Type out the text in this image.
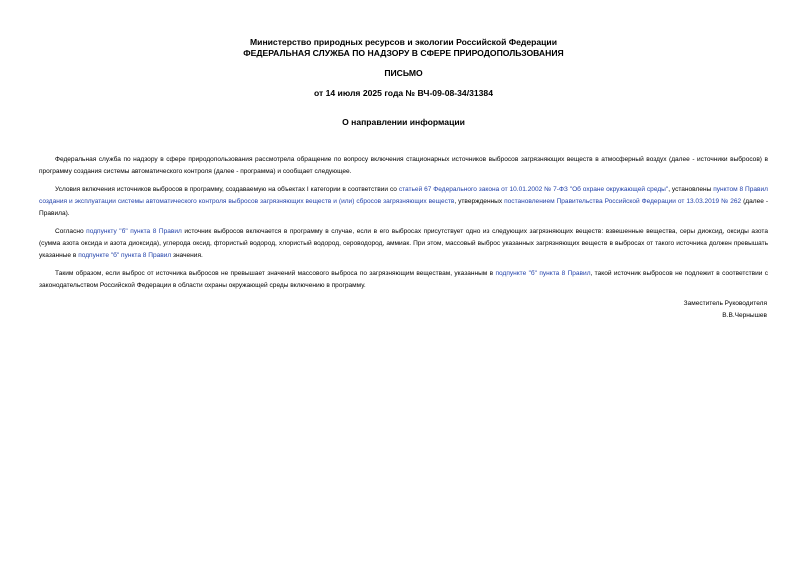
Министерство природных ресурсов и экологии Российской Федерации
ФЕДЕРАЛЬНАЯ СЛУЖБА ПО НАДЗОРУ В СФЕРЕ ПРИРОДОПОЛЬЗОВАНИЯ
ПИСЬМО
от 14 июля 2025 года № ВЧ-09-08-34/31384
О направлении информации

Федеральная служба по надзору в сфере природопользования рассмотрела обращение по вопросу включения стационарных источников выбросов загрязняющих веществ в атмосферный воздух (далее - источники выбросов) в программу создания системы автоматического контроля (далее - программа) и сообщает следующее.

Условия включения источников выбросов в программу, создаваемую на объектах I категории в соответствии со статьей 67 Федерального закона от 10.01.2002 № 7-ФЗ "Об охране окружающей среды", установлены пунктом 8 Правил создания и эксплуатации системы автоматического контроля выбросов загрязняющих веществ и (или) сбросов загрязняющих веществ, утвержденных постановлением Правительства Российской Федерации от 13.03.2019 № 262 (далее - Правила).

Согласно подпункту "б" пункта 8 Правил источник выбросов включается в программу в случае, если в его выбросах присутствует одно из следующих загрязняющих веществ: взвешенные вещества, серы диоксид, оксиды азота (сумма азота оксида и азота диоксида), углерода оксид, фтористый водород, хлористый водород, сероводород, аммиак. При этом, массовый выброс указанных загрязняющих веществ в выбросах от такого источника должен превышать указанные в подпункте "б" пункта 8 Правил значения.

Таким образом, если выброс от источника выбросов не превышает значений массового выброса по загрязняющим веществам, указанным в подпункте "б" пункта 8 Правил, такой источник выбросов не подлежит в соответствии с законодательством Российской Федерации в области охраны окружающей среды включению в программу.

Заместитель Руководителя
В.В.Чернышев
